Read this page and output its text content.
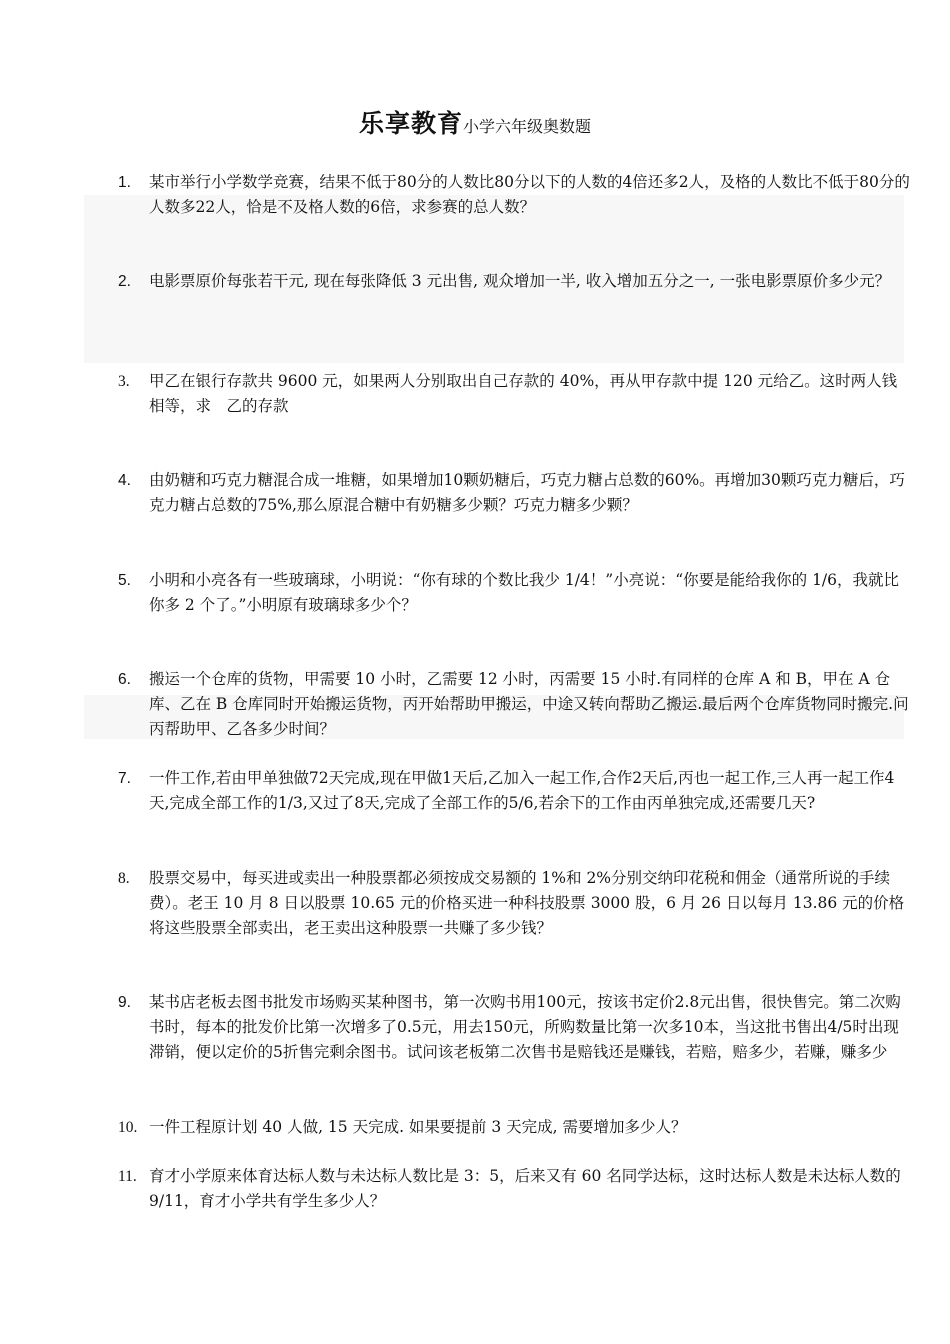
乐享教育小学六年级奥数题
1.	某市举行小学数学竞赛，结果不低于80分的人数比80分以下的人数的4倍还多2人，及格的人数比不低于80分的人数多22人，恰是不及格人数的6倍，求参赛的总人数？
2.	电影票原价每张若干元, 现在每张降低 3 元出售, 观众增加一半, 收入增加五分之一, 一张电影票原价多少元？
3.	甲乙在银行存款共 9600 元，如果两人分别取出自己存款的 40%，再从甲存款中提 120 元给乙。这时两人钱相等，求　乙的存款
4.	由奶糖和巧克力糖混合成一堆糖，如果增加10颗奶糖后，巧克力糖占总数的60%。再增加30颗巧克力糖后，巧克力糖占总数的75%,那么原混合糖中有奶糖多少颗？巧克力糖多少颗？
5.	小明和小亮各有一些玻璃球，小明说：“你有球的个数比我少 1/4！”小亮说：“你要是能给我你的 1/6，我就比你多 2 个了。”小明原有玻璃球多少个？
6.	搬运一个仓库的货物，甲需要 10 小时，乙需要 12 小时，丙需要 15 小时.有同样的仓库 A 和 B，甲在 A 仓库、乙在 B 仓库同时开始搬运货物，丙开始帮助甲搬运，中途又转向帮助乙搬运.最后两个仓库货物同时搬完.问丙帮助甲、乙各多少时间？
7.	一件工作,若由甲单独做72天完成,现在甲做1天后,乙加入一起工作,合作2天后,丙也一起工作,三人再一起工作4天,完成全部工作的1/3,又过了8天,完成了全部工作的5/6,若余下的工作由丙单独完成,还需要几天?
8.	股票交易中，每买进或卖出一种股票都必须按成交易额的 1%和 2%分别交纳印花税和佣金（通常所说的手续费）。老王 10 月 8 日以股票 10.65 元的价格买进一种科技股票 3000 股，6 月 26 日以每月 13.86 元的价格将这些股票全部卖出，老王卖出这种股票一共赚了多少钱？
9.	某书店老板去图书批发市场购买某种图书，第一次购书用100元，按该书定价2.8元出售，很快售完。第二次购书时，每本的批发价比第一次增多了0.5元，用去150元，所购数量比第一次多10本，当这批书售出4/5时出现滞销，便以定价的5折售完剩余图书。试问该老板第二次售书是赔钱还是赚钱，若赔，赔多少，若赚，赚多少
10. 一件工程原计划 40 人做, 15 天完成. 如果要提前 3 天完成, 需要增加多少人？
11. 育才小学原来体育达标人数与未达标人数比是 3：5，后来又有 60 名同学达标，这时达标人数是未达标人数的 9/11，育才小学共有学生多少人？
